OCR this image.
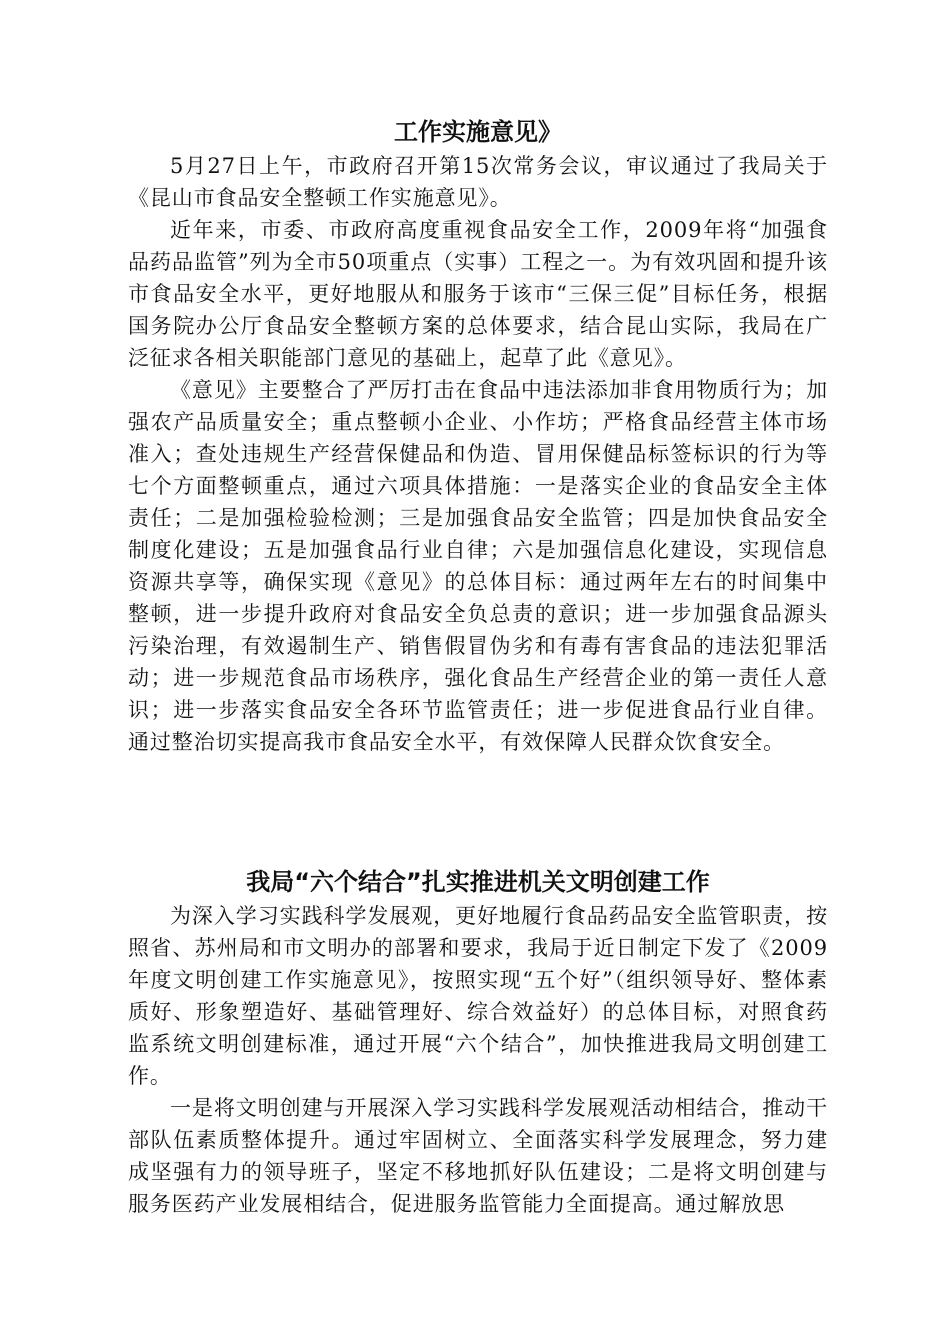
工作实施意见》

5月27日上午，市政府召开第15次常务会议，审议通过了我局关于《昆山市食品安全整顿工作实施意见》。

近年来，市委、市政府高度重视食品安全工作，2009年将“加强食品药品监管”列为全市50项重点（实事）工程之一。为有效巩固和提升该市食品安全水平，更好地服从和服务于该市“三保三促”目标任务，根据国务院办公厅食品安全整顿方案的总体要求，结合昆山实际，我局在广泛征求各相关职能部门意见的基础上，起草了此《意见》。

《意见》主要整合了严厉打击在食品中违法添加非食用物质行为；加强农产品质量安全；重点整顿小企业、小作坊；严格食品经营主体市场准入；查处违规生产经营保健品和伪造、冒用保健品标签标识的行为等七个方面整顿重点，通过六项具体措施：一是落实企业的食品安全主体责任；二是加强检验检测；三是加强食品安全监管；四是加快食品安全制度化建设；五是加强食品行业自律；六是加强信息化建设，实现信息资源共享等，确保实现《意见》的总体目标：通过两年左右的时间集中整顿，进一步提升政府对食品安全负总责的意识；进一步加强食品源头污染治理，有效遏制生产、销售假冒伪劣和有毒有害食品的违法犯罪活动；进一步规范食品市场秩序，强化食品生产经营企业的第一责任人意识；进一步落实食品安全各环节监管责任；进一步促进食品行业自律。通过整治切实提高我市食品安全水平，有效保障人民群众饮食安全。

我局“六个结合”扎实推进机关文明创建工作

为深入学习实践科学发展观，更好地履行食品药品安全监管职责，按照省、苏州局和市文明办的部署和要求，我局于近日制定下发了《2009年度文明创建工作实施意见》，按照实现“五个好”（组织领导好、整体素质好、形象塑造好、基础管理好、综合效益好）的总体目标，对照食药监系统文明创建标准，通过开展“六个结合”，加快推进我局文明创建工作。

一是将文明创建与开展深入学习实践科学发展观活动相结合，推动干部队伍素质整体提升。通过牢固树立、全面落实科学发展理念，努力建成坚强有力的领导班子，坚定不移地抓好队伍建设；二是将文明创建与服务医药产业发展相结合，促进服务监管能力全面提高。通过解放思
